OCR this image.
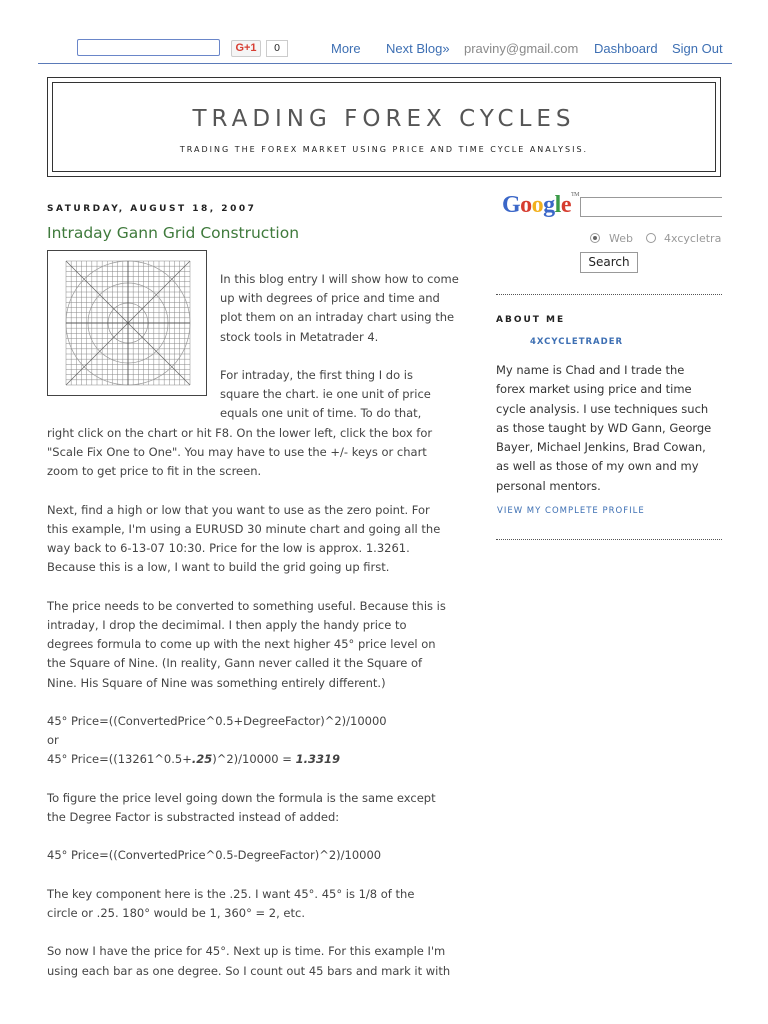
G+1	0	More Next Blog» praviny@gmail.com Dashboard Sign Out
TRADING FOREX CYCLES
TRADING THE FOREX MARKET USING PRICE AND TIME CYCLE ANALYSIS.
SATURDAY, AUGUST 18, 2007
Intraday Gann Grid Construction
In this blog entry I will show how to come
up with degrees of price and time and
plot them on an intraday chart using the
stock tools in Metatrader 4.

For intraday, the first thing I do is
square the chart. ie one unit of price
equals one unit of time. To do that,
right click on the chart or hit F8. On the lower left, click the box for
"Scale Fix One to One". You may have to use the +/- keys or chart
zoom to get price to fit in the screen.

Next, find a high or low that you want to use as the zero point. For
this example, I'm using a EURUSD 30 minute chart and going all the
way back to 6-13-07 10:30. Price for the low is approx. 1.3261.
Because this is a low, I want to build the grid going up first.

The price needs to be converted to something useful. Because this is
intraday, I drop the decimimal. I then apply the handy price to
degrees formula to come up with the next higher 45° price level on
the Square of Nine. (In reality, Gann never called it the Square of
Nine. His Square of Nine was something entirely different.)

45° Price=((ConvertedPrice^0.5+DegreeFactor)^2)/10000
or
45° Price=((13261^0.5+.25)^2)/10000 = 1.3319

To figure the price level going down the formula is the same except
the Degree Factor is substracted instead of added:

45° Price=((ConvertedPrice^0.5-DegreeFactor)^2)/10000

The key component here is the .25. I want 45°. 45° is 1/8 of the
circle or .25. 180° would be 1, 360° = 2, etc.

So now I have the price for 45°. Next up is time. For this example I'm
using each bar as one degree. So I count out 45 bars and mark it with
Google™
Web	4xcycletra
Search
ABOUT ME
4XCYCLETRADER
My name is Chad and I trade the
forex market using price and time
cycle analysis. I use techniques such
as those taught by WD Gann, George
Bayer, Michael Jenkins, Brad Cowan,
as well as those of my own and my
personal mentors.
VIEW MY COMPLETE PROFILE
